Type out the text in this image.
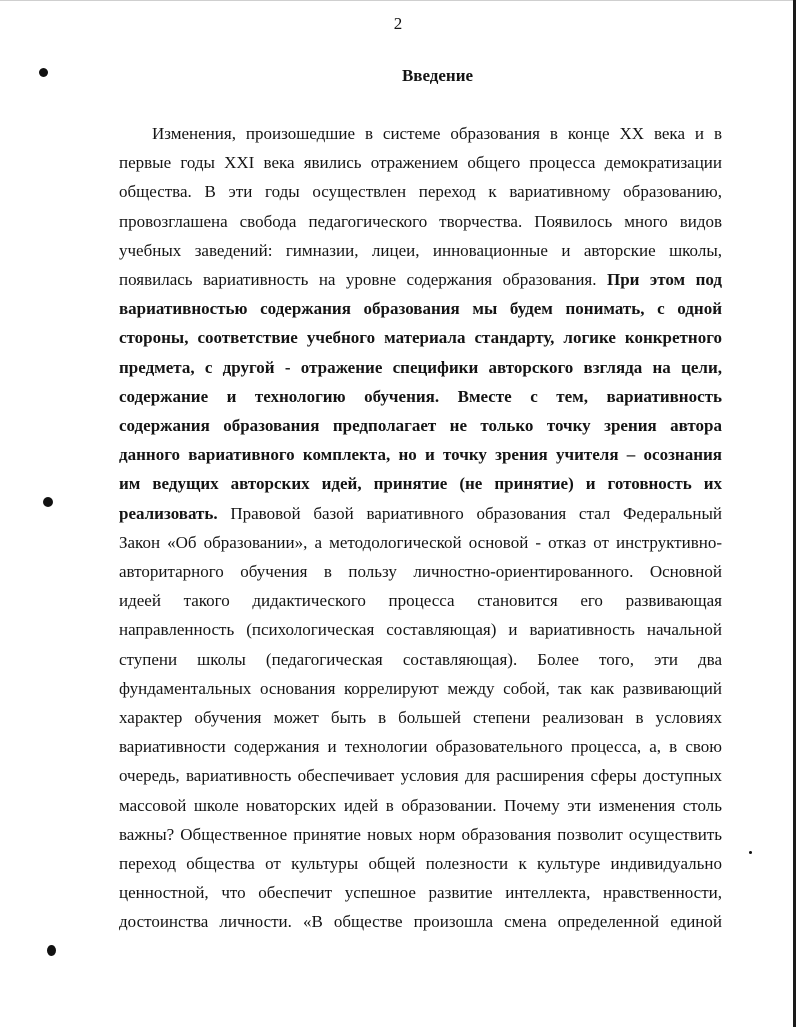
2
Введение
Изменения, произошедшие в системе образования в конце XX века и в
первые годы XXI века явились отражением общего процесса демократизации
общества. В эти годы осуществлен переход к вариативному образованию,
провозглашена свобода педагогического творчества. Появилось много видов
учебных заведений: гимназии, лицеи, инновационные и авторские школы,
появилась вариативность на уровне содержания образования. При этом под
вариативностью содержания образования мы будем понимать, с одной
стороны, соответствие учебного материала стандарту, логике конкретного
предмета, с другой - отражение специфики авторского взгляда на цели,
содержание и технологию обучения. Вместе с тем, вариативность
содержания образования предполагает не только точку зрения автора
данного вариативного комплекта, но и точку зрения учителя – осознания
им ведущих авторских идей, принятие (не принятие) и готовность их
реализовать. Правовой базой вариативного образования стал Федеральный
Закон «Об образовании», а методологической основой - отказ от инструктивно-
авторитарного обучения в пользу личностно-ориентированного. Основной
идеей такого дидактического процесса становится его развивающая
направленность (психологическая составляющая) и вариативность начальной
ступени школы (педагогическая составляющая). Более того, эти два
фундаментальных основания коррелируют между собой, так как развивающий
характер обучения может быть в большей степени реализован в условиях
вариативности содержания и технологии образовательного процесса, а, в свою
очередь, вариативность обеспечивает условия для расширения сферы доступных
массовой школе новаторских идей в образовании. Почему эти изменения столь
важны? Общественное принятие новых норм образования позволит осуществить
переход общества от культуры общей полезности к культуре индивидуально
ценностной, что обеспечит успешное развитие интеллекта, нравственности,
достоинства личности. «В обществе произошла смена определенной единой
